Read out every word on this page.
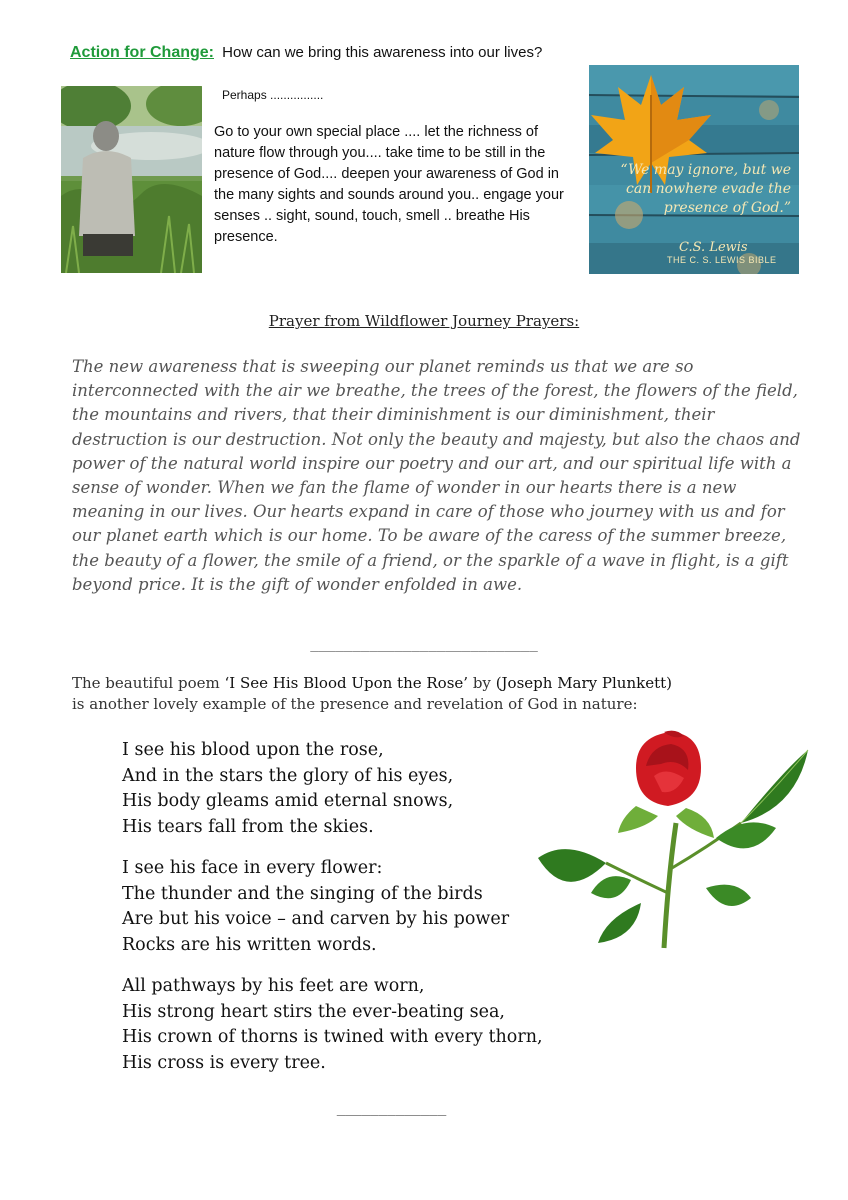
Action for Change: How can we bring this awareness into our lives?
Perhaps ................
Go to your own special place .... let the richness of nature flow through you.... take time to be still in the presence of God.... deepen your awareness of God in the many sights and sounds around you.. engage your senses .. sight, sound, touch, smell .. breathe His presence.
“We may ignore, but we can nowhere evade the presence of God.”
C.S. Lewis
THE C. S. LEWIS BIBLE
Prayer from Wildflower Journey Prayers:
The new awareness that is sweeping our planet reminds us that we are so interconnected with the air we breathe, the trees of the forest, the flowers of the field, the mountains and rivers, that their diminishment is our diminishment, their destruction is our destruction. Not only the beauty and majesty, but also the chaos and power of the natural world inspire our poetry and our art, and our spiritual life with a sense of wonder. When we fan the flame of wonder in our hearts there is a new meaning in our lives. Our hearts expand in care of those who journey with us and for our planet earth which is our home. To be aware of the caress of the summer breeze, the beauty of a flower, the smile of a friend, or the sparkle of a wave in flight, is a gift beyond price. It is the gift of wonder enfolded in awe.
___________________________
The beautiful poem ‘I See His Blood Upon the Rose’ by (Joseph Mary Plunkett)
is another lovely example of the presence and revelation of God in nature:
I see his blood upon the rose,
And in the stars the glory of his eyes,
His body gleams amid eternal snows,
His tears fall from the skies.
I see his face in every flower:
The thunder and the singing of the birds
Are but his voice – and carven by his power
Rocks are his written words.
All pathways by his feet are worn,
His strong heart stirs the ever-beating sea,
His crown of thorns is twined with every thorn,
His cross is every tree.
_____________
